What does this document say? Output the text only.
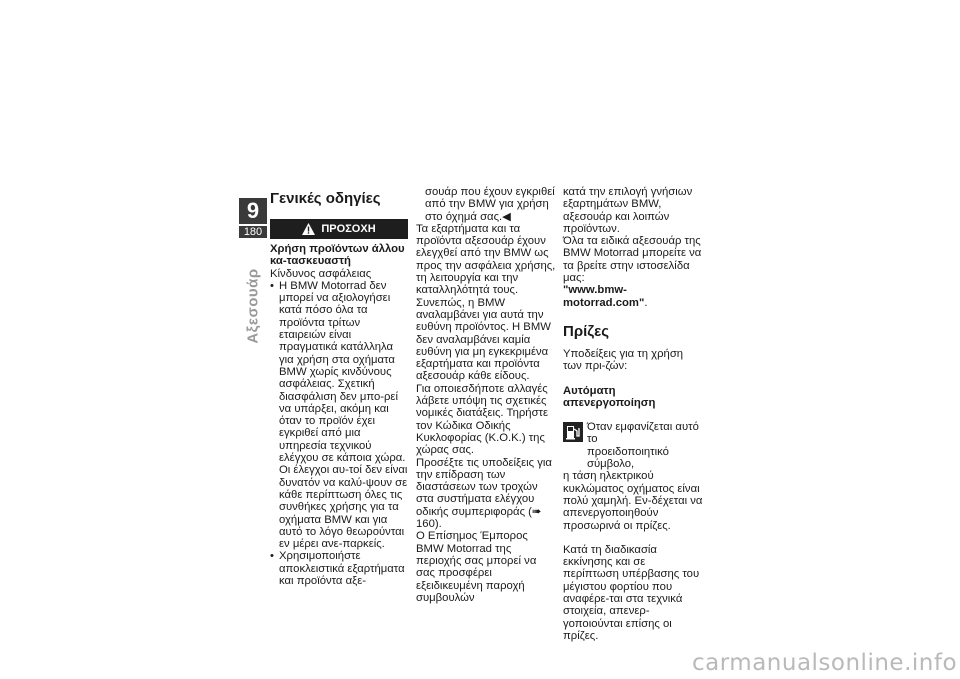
9
180
Αξεσουάρ
Γενικές οδηγίες
ΠΡΟΣΟΧΗ

Χρήση προϊόντων άλλου κα-τασκευαστή

Κίνδυνος ασφάλειας

• Η BMW Motorrad δεν μπορεί να αξιολογήσει κατά πόσο όλα τα προϊόντα τρίτων εταιρειών είναι πραγματικά κατάλληλα για χρήση στα οχήματα BMW χωρίς κινδύνους ασφάλειας. Σχετική διασφάλιση δεν μπο-ρεί να υπάρξει, ακόμη και όταν το προϊόν έχει εγκριθεί από μια υπηρεσία τεχνικού ελέγχου σε κάποια χώρα. Οι έλεγχοι αυ-τοί δεν είναι δυνατόν να καλύ-ψουν σε κάθε περίπτωση όλες τις συνθήκες χρήσης για τα οχήματα BMW και για αυτό το λόγο θεωρούνται εν μέρει ανε-παρκείς.
• Χρησιμοποιήστε αποκλειστικά εξαρτήματα και προϊόντα αξε-

σουάρ που έχουν εγκριθεί από την BMW για χρήση στο όχημά σας.◀

Τα εξαρτήματα και τα προϊόντα αξεσουάρ έχουν ελεγχθεί από την BMW ως προς την ασφάλεια χρήσης, τη λειτουργία και την καταλληλότητά τους. Συνεπώς, η BMW αναλαμβάνει για αυτά την ευθύνη προϊόντος. Η BMW δεν αναλαμβάνει καμία ευθύνη για μη εγκεκριμένα εξαρτήματα και προϊόντα αξεσουάρ κάθε είδους.

Για οποιεσδήποτε αλλαγές λάβετε υπόψη τις σχετικές νομικές διατάξεις. Τηρήστε τον Κώδικα Οδικής Κυκλοφορίας (Κ.Ο.Κ.) της χώρας σας.

Προσέξτε τις υποδείξεις για την επίδραση των διαστάσεων των τροχών στα συστήματα ελέγχου οδικής συμπεριφοράς (➠ 160).

Ο Επίσημος Έμπορος BMW Motorrad της περιοχής σας μπορεί να σας προσφέρει εξειδικευμένη παροχή συμβουλών

κατά την επιλογή γνήσιων εξαρτημάτων BMW, αξεσουάρ και λοιπών προϊόντων.

Όλα τα ειδικά αξεσουάρ της BMW Motorrad μπορείτε να τα βρείτε στην ιστοσελίδα μας:

"www.bmw-motorrad.com".

Πρίζες

Υποδείξεις για τη χρήση των πρι-ζών:

Αυτόματη απενεργοποίηση

Όταν εμφανίζεται αυτό το

προειδοποιητικό σύμβολο,

η τάση ηλεκτρικού κυκλώματος οχήματος είναι πολύ χαμηλή. Εν-δέχεται να απενεργοποιηθούν προσωρινά οι πρίζες.

Κατά τη διαδικασία εκκίνησης και σε περίπτωση υπέρβασης του μέγιστου φορτίου που αναφέρε-ται στα τεχνικά στοιχεία, απενερ-γοποιούνται επίσης οι πρίζες.

carmanualsonline.info
